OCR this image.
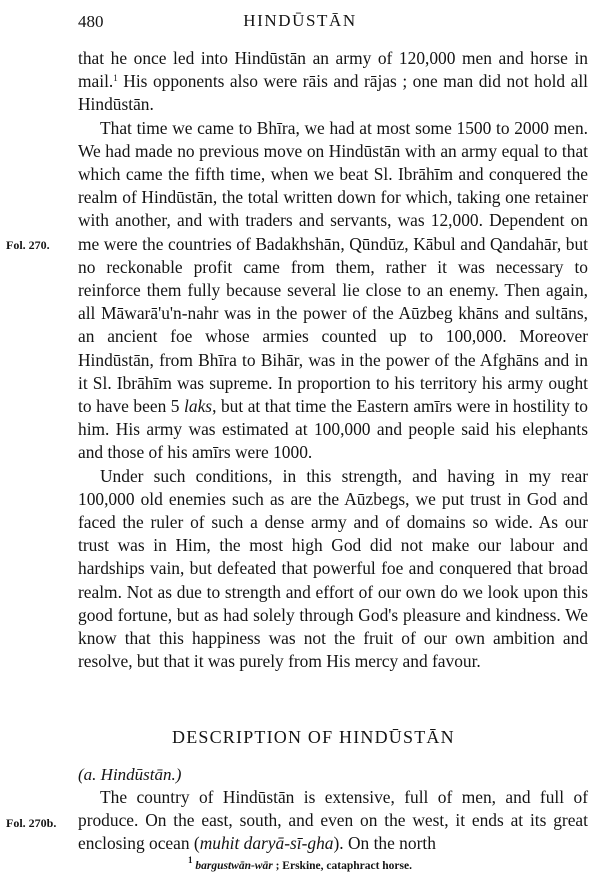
480	HINDŪSTĀN
Fol. 270.

that he once led into Hindūstān an army of 120,000 men and horse in mail.$^1$ His opponents also were rāis and rājas ; one man did not hold all Hindūstān.

That time we came to Bhīra, we had at most some 1500 to 2000 men. We had made no previous move on Hindūstān with an army equal to that which came the fifth time, when we beat Sl. Ibrāhīm and conquered the realm of Hindūstān, the total written down for which, taking one retainer with another, and with traders and servants, was 12,000. Dependent on me were the countries of Badakhshān, Qūndūz, Kābul and Qandahār, but no reckonable profit came from them, rather it was necessary to reinforce them fully because several lie close to an enemy. Then again, all Māwarā'u'n-nahr was in the power of the Aūzbeg khāns and sultāns, an ancient foe whose armies counted up to 100,000. Moreover Hindūstān, from Bhīra to Bihār, was in the power of the Afghāns and in it Sl. Ibrāhīm was supreme. In proportion to his territory his army ought to have been 5 laks, but at that time the Eastern amīrs were in hostility to him. His army was estimated at 100,000 and people said his elephants and those of his amīrs were 1000.

Under such conditions, in this strength, and having in my rear 100,000 old enemies such as are the Aūzbegs, we put trust in God and faced the ruler of such a dense army and of domains so wide. As our trust was in Him, the most high God did not make our labour and hardships vain, but defeated that powerful foe and conquered that broad realm. Not as due to strength and effort of our own do we look upon this good fortune, but as had solely through God's pleasure and kindness. We know that this happiness was not the fruit of our own ambition and resolve, but that it was purely from His mercy and favour.

DESCRIPTION OF HINDŪSTĀN
(a. Hindūstān.)
Fol. 270b.

The country of Hindūstān is extensive, full of men, and full of produce. On the east, south, and even on the west, it ends at its great enclosing ocean (muhit daryā-sī-gha). On the north

$^1$ bargustwān-wār ; Erskine, cataphract horse.
